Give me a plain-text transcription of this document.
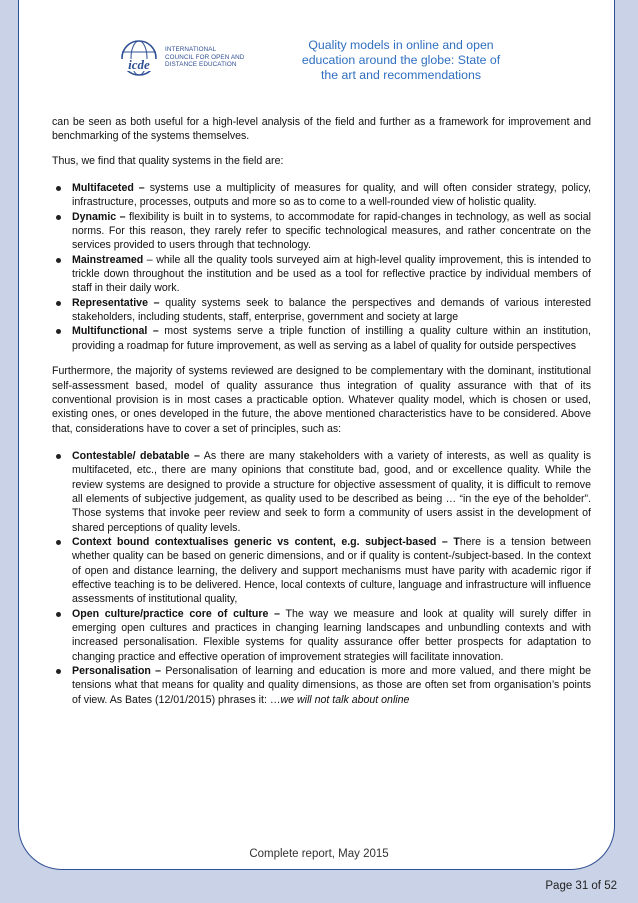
icde
INTERNATIONAL
COUNCIL FOR OPEN AND
DISTANCE EDUCATION
Quality models in online and open
education around the globe: State of
the art and recommendations

can be seen as both useful for a high-level analysis of the field and further as a framework for improvement and benchmarking of the systems themselves.

Thus, we find that quality systems in the field are:

Multifaceted – systems use a multiplicity of measures for quality, and will often consider strategy, policy, infrastructure, processes, outputs and more so as to come to a well-rounded view of holistic quality.
Dynamic – flexibility is built in to systems, to accommodate for rapid-changes in technology, as well as social norms. For this reason, they rarely refer to specific technological measures, and rather concentrate on the services provided to users through that technology.
Mainstreamed – while all the quality tools surveyed aim at high-level quality improvement, this is intended to trickle down throughout the institution and be used as a tool for reflective practice by individual members of staff in their daily work.
Representative – quality systems seek to balance the perspectives and demands of various interested stakeholders, including students, staff, enterprise, government and society at large
Multifunctional – most systems serve a triple function of instilling a quality culture within an institution, providing a roadmap for future improvement, as well as serving as a label of quality for outside perspectives

Furthermore, the majority of systems reviewed are designed to be complementary with the dominant, institutional self-assessment based, model of quality assurance thus integration of quality assurance with that of its conventional provision is in most cases a practicable option. Whatever quality model, which is chosen or used, existing ones, or ones developed in the future, the above mentioned characteristics have to be considered. Above that, considerations have to cover a set of principles, such as:

Contestable/ debatable – As there are many stakeholders with a variety of interests, as well as quality is multifaceted, etc., there are many opinions that constitute bad, good, and or excellence quality. While the review systems are designed to provide a structure for objective assessment of quality, it is difficult to remove all elements of subjective judgement, as quality used to be described as being … “in the eye of the beholder”. Those systems that invoke peer review and seek to form a community of users assist in the development of shared perceptions of quality levels.
Context bound contextualises generic vs content, e.g. subject-based – There is a tension between whether quality can be based on generic dimensions, and or if quality is content-/subject-based. In the context of open and distance learning, the delivery and support mechanisms must have parity with academic rigor if effective teaching is to be delivered. Hence, local contexts of culture, language and infrastructure will influence assessments of institutional quality,
Open culture/practice core of culture – The way we measure and look at quality will surely differ in emerging open cultures and practices in changing learning landscapes and unbundling contexts and with increased personalisation. Flexible systems for quality assurance offer better prospects for adaptation to changing practice and effective operation of improvement strategies will facilitate innovation.
Personalisation – Personalisation of learning and education is more and more valued, and there might be tensions what that means for quality and quality dimensions, as those are often set from organisation’s points of view. As Bates (12/01/2015) phrases it: …we will not talk about online
Complete report, May 2015
Page 31 of 52
